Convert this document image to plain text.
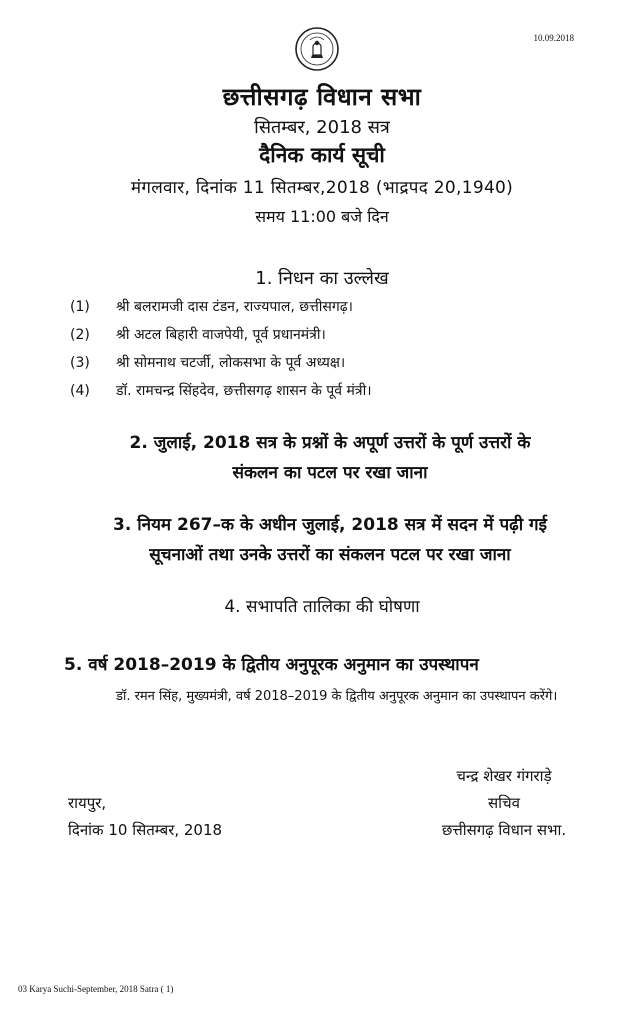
10.09.2018
छत्तीसगढ़ विधान सभा
सितम्बर, 2018 सत्र
दैनिक कार्य सूची
मंगलवार, दिनांक 11 सितम्बर,2018 (भाद्रपद 20,1940)
समय 11:00 बजे दिन
1. निधन का उल्लेख
(1) श्री बलरामजी दास टंडन, राज्यपाल, छत्तीसगढ़।
(2) श्री अटल बिहारी वाजपेयी, पूर्व प्रधानमंत्री।
(3) श्री सोमनाथ चटर्जी, लोकसभा के पूर्व अध्यक्ष।
(4) डॉ. रामचन्द्र सिंहदेव, छत्तीसगढ़ शासन के पूर्व मंत्री।
2. जुलाई, 2018 सत्र के प्रश्नों के अपूर्ण उत्तरों के पूर्ण उत्तरों के
संकलन का पटल पर रखा जाना
3. नियम 267–क के अधीन जुलाई, 2018 सत्र में सदन में पढ़ी गई
सूचनाओं तथा उनके उत्तरों का संकलन पटल पर रखा जाना
4. सभापति तालिका की घोषणा
5. वर्ष 2018–2019 के द्वितीय अनुपूरक अनुमान का उपस्थापन
डॉ. रमन सिंह, मुख्यमंत्री, वर्ष 2018–2019 के द्वितीय अनुपूरक अनुमान का उपस्थापन करेंगे।
चन्द्र शेखर गंगराड़े
सचिव
छत्तीसगढ़ विधान सभा.
रायपुर,
दिनांक 10 सितम्बर, 2018
03 Karya Suchi-September, 2018 Satra ( 1)
